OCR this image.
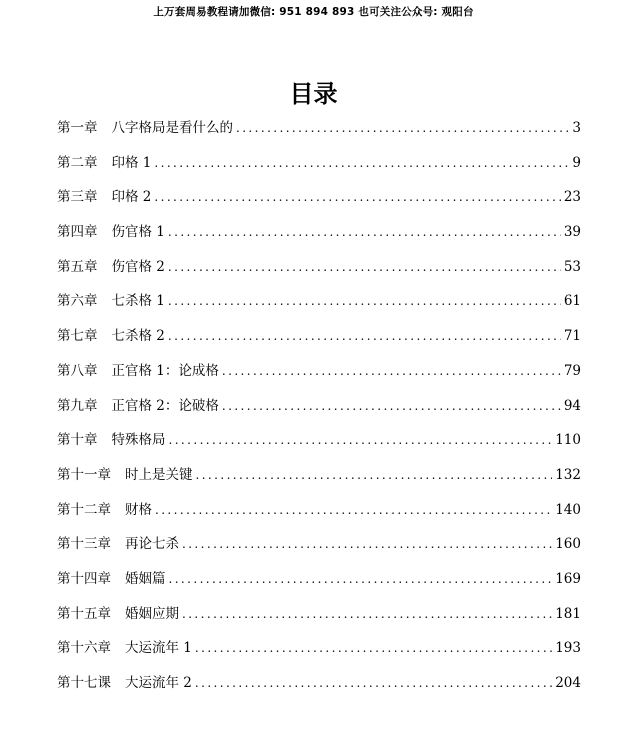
上万套周易教程请加微信: 951 894 893 也可关注公众号: 观阳台
目录
第一章	八字格局是看什么的 .....	3
第二章	印格 1 .....	9
第三章	印格 2 .....	23
第四章	伤官格 1 .....	39
第五章	伤官格 2 .....	53
第六章	七杀格 1 .....	61
第七章	七杀格 2 .....	71
第八章	正官格 1：论成格 .....	79
第九章	正官格 2：论破格 .....	94
第十章	特殊格局 .....	110
第十一章	时上是关键 .....	132
第十二章	财格 .....	140
第十三章	再论七杀 .....	160
第十四章	婚姻篇 .....	169
第十五章	婚姻应期 .....	181
第十六章	大运流年 1 .....	193
第十七课	大运流年 2 .....	204
